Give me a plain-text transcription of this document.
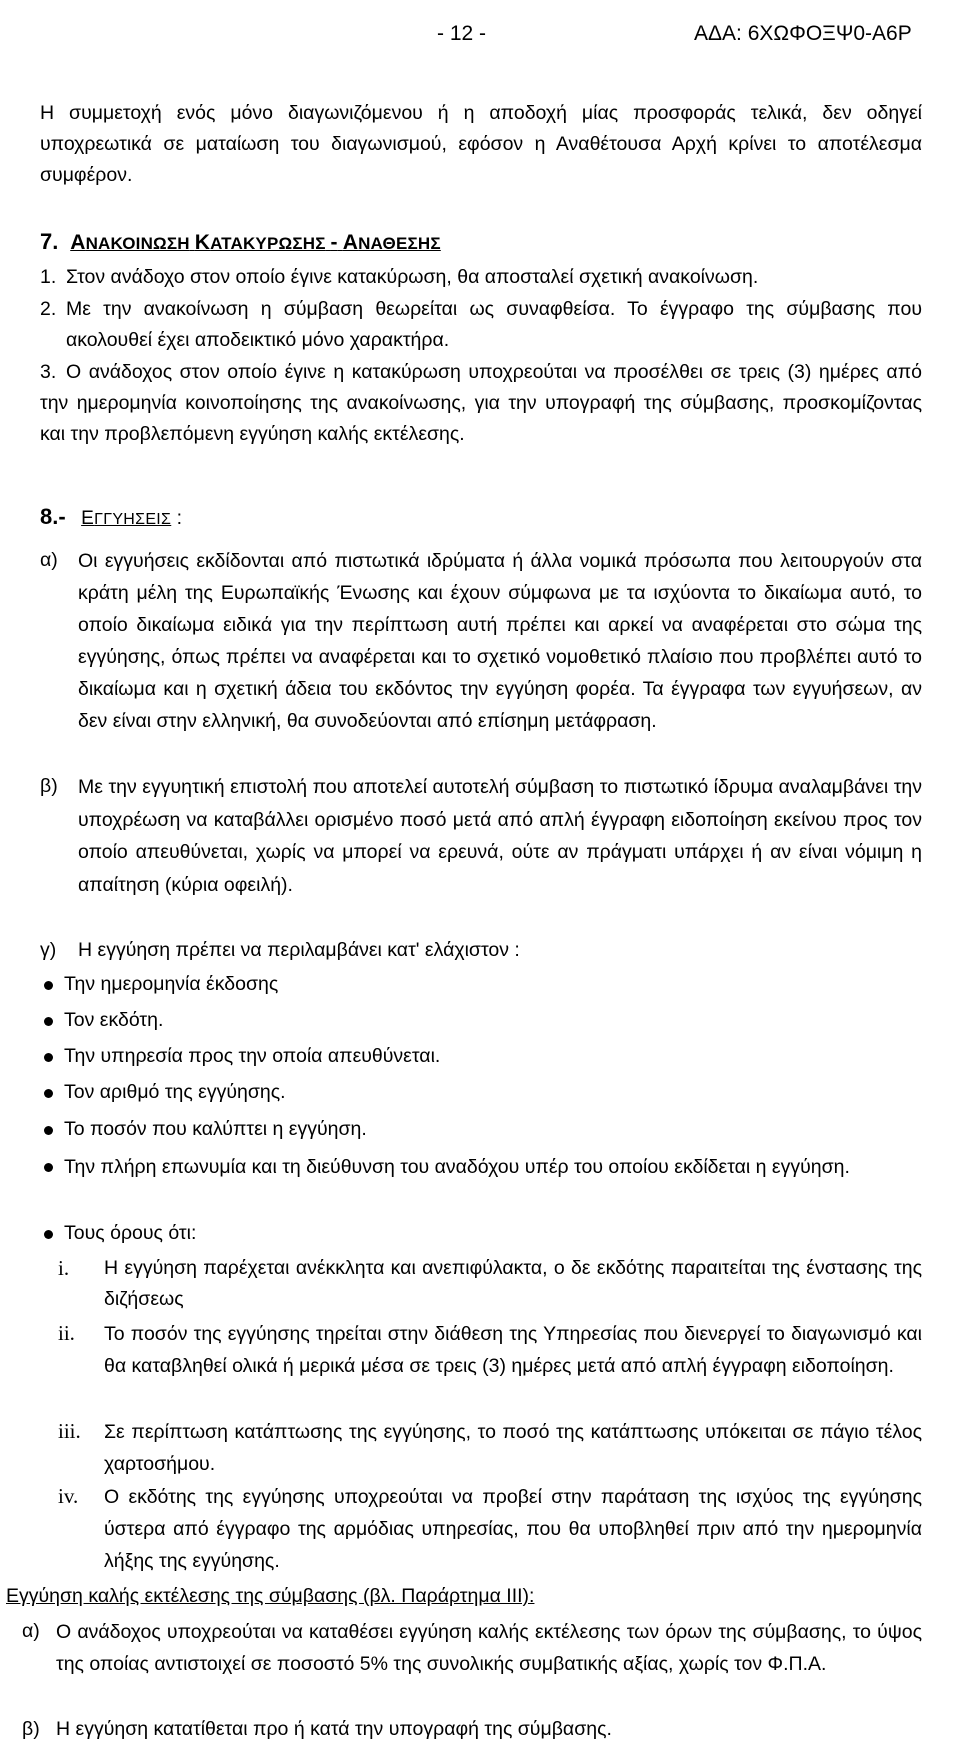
- 12 -	ΑΔΑ: 6ΧΩΦΟΞΨ0-Α6Ρ
Η συμμετοχή ενός μόνο διαγωνιζόμενου ή η αποδοχή μίας προσφοράς τελικά, δεν οδηγεί υποχρεωτικά σε ματαίωση του διαγωνισμού, εφόσον η Αναθέτουσα Αρχή κρίνει το αποτέλεσμα συμφέρον.
7. ΑΝΑΚΟΙΝΩΣΗ ΚΑΤΑΚΥΡΩΣΗΣ - ΑΝΑΘΕΣΗΣ
1. Στον ανάδοχο στον οποίο έγινε κατακύρωση, θα αποσταλεί σχετική ανακοίνωση.
2. Με την ανακοίνωση η σύμβαση θεωρείται ως συναφθείσα. Το έγγραφο της σύμβασης που ακολουθεί έχει αποδεικτικό μόνο χαρακτήρα.
3. Ο ανάδοχος στον οποίο έγινε η κατακύρωση υποχρεούται να προσέλθει σε τρεις (3) ημέρες από την ημερομηνία κοινοποίησης της ανακοίνωσης, για την υπογραφή της σύμβασης, προσκομίζοντας και την προβλεπόμενη εγγύηση καλής εκτέλεσης.
8.- ΕΓΓΥΗΣΕΙΣ :
α) Οι εγγυήσεις εκδίδονται από πιστωτικά ιδρύματα ή άλλα νομικά πρόσωπα που λειτουργούν στα κράτη μέλη της Ευρωπαϊκής Ένωσης και έχουν σύμφωνα με τα ισχύοντα το δικαίωμα αυτό, το οποίο δικαίωμα ειδικά για την περίπτωση αυτή πρέπει και αρκεί να αναφέρεται στο σώμα της εγγύησης, όπως πρέπει να αναφέρεται και το σχετικό νομοθετικό πλαίσιο που προβλέπει αυτό το δικαίωμα και η σχετική άδεια του εκδόντος την εγγύηση φορέα. Τα έγγραφα των εγγυήσεων, αν δεν είναι στην ελληνική, θα συνοδεύονται από επίσημη μετάφραση.
β) Με την εγγυητική επιστολή που αποτελεί αυτοτελή σύμβαση το πιστωτικό ίδρυμα αναλαμβάνει την υποχρέωση να καταβάλλει ορισμένο ποσό μετά από απλή έγγραφη ειδοποίηση εκείνου προς τον οποίο απευθύνεται, χωρίς να μπορεί να ερευνά, ούτε αν πράγματι υπάρχει ή αν είναι νόμιμη η απαίτηση (κύρια οφειλή).
γ) Η εγγύηση πρέπει να περιλαμβάνει κατ' ελάχιστον :
Την ημερομηνία έκδοσης
Τον εκδότη.
Την υπηρεσία προς την οποία απευθύνεται.
Τον αριθμό της εγγύησης.
Το ποσόν που καλύπτει η εγγύηση.
Την πλήρη επωνυμία και τη διεύθυνση του αναδόχου υπέρ του οποίου εκδίδεται η εγγύηση.
Τους όρους ότι:
i. Η εγγύηση παρέχεται ανέκκλητα και ανεπιφύλακτα, ο δε εκδότης παραιτείται της ένστασης της διζήσεως
ii. Το ποσόν της εγγύησης τηρείται στην διάθεση της Υπηρεσίας που διενεργεί το διαγωνισμό και θα καταβληθεί ολικά ή μερικά μέσα σε τρεις (3) ημέρες μετά από απλή έγγραφη ειδοποίηση.
iii. Σε περίπτωση κατάπτωσης της εγγύησης, το ποσό της κατάπτωσης υπόκειται σε πάγιο τέλος χαρτοσήμου.
iv. Ο εκδότης της εγγύησης υποχρεούται να προβεί στην παράταση της ισχύος της εγγύησης ύστερα από έγγραφο της αρμόδιας υπηρεσίας, που θα υποβληθεί πριν από την ημερομηνία λήξης της εγγύησης.
Εγγύηση καλής εκτέλεσης της σύμβασης (βλ. Παράρτημα ΙΙΙ):
α) Ο ανάδοχος υποχρεούται να καταθέσει εγγύηση καλής εκτέλεσης των όρων της σύμβασης, το ύψος της οποίας αντιστοιχεί σε ποσοστό 5% της συνολικής συμβατικής αξίας, χωρίς τον Φ.Π.Α.
β) Η εγγύηση κατατίθεται προ ή κατά την υπογραφή της σύμβασης.
